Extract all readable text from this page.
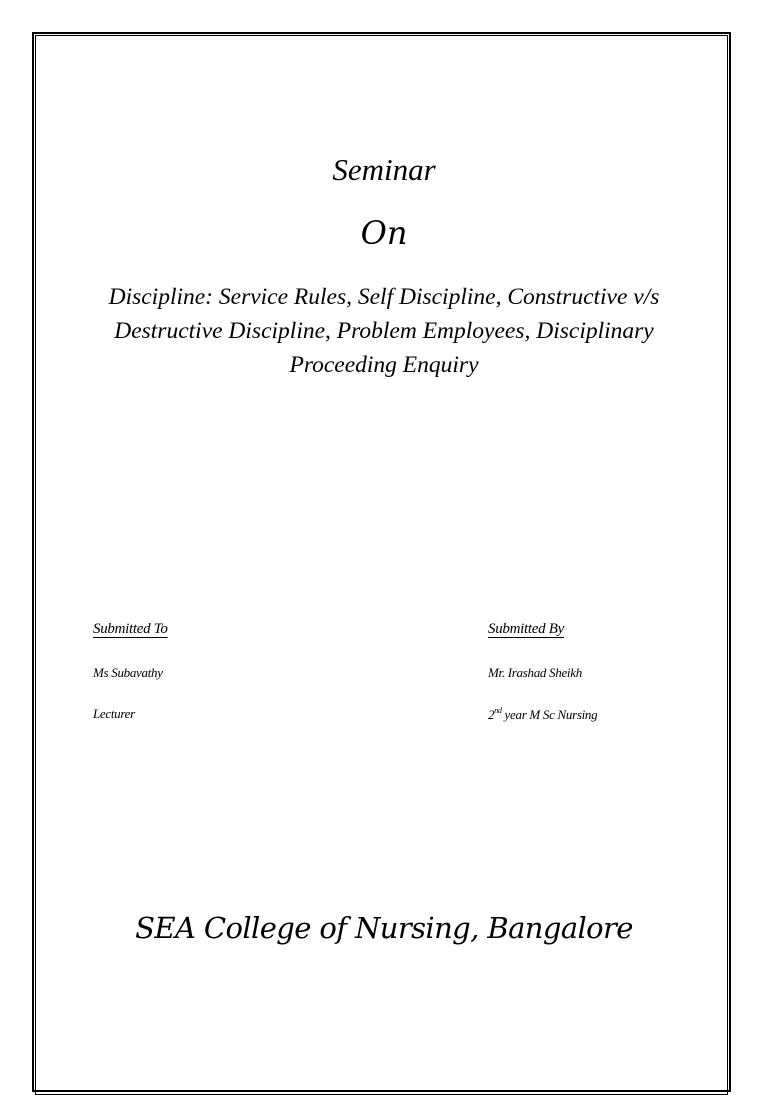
Seminar
On
Discipline: Service Rules, Self Discipline, Constructive v/s Destructive Discipline, Problem Employees, Disciplinary Proceeding Enquiry
Submitted To
Ms Subavathy
Lecturer
Submitted By
Mr. Irashad Sheikh
2nd year M Sc Nursing
SEA College of Nursing, Bangalore
